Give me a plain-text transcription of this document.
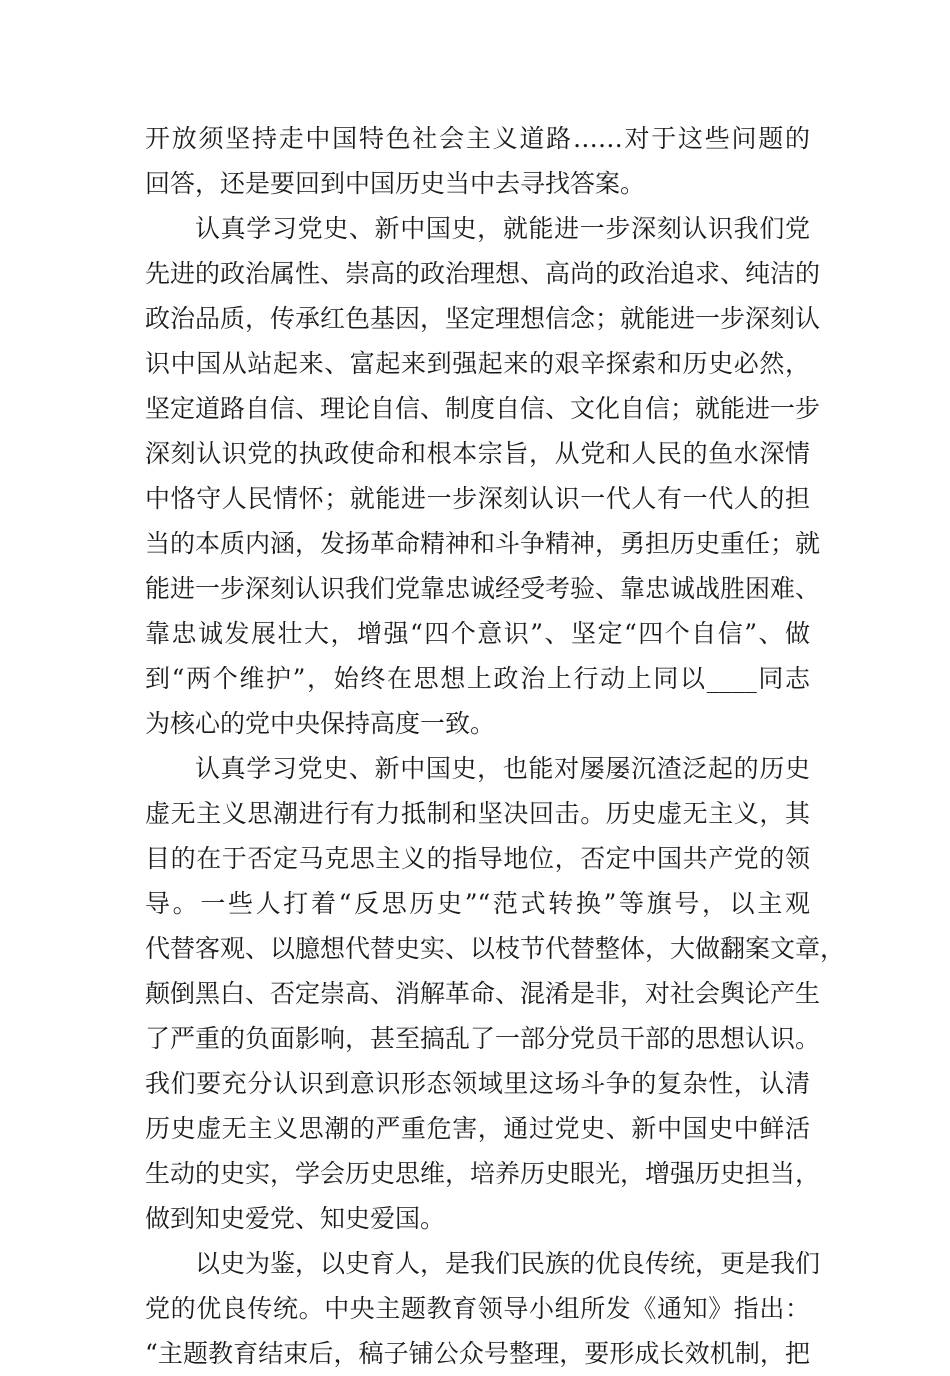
开放须坚持走中国特色社会主义道路……对于这些问题的
回答，还是要回到中国历史当中去寻找答案。
认真学习党史、新中国史，就能进一步深刻认识我们党
先进的政治属性、崇高的政治理想、高尚的政治追求、纯洁的
政治品质，传承红色基因，坚定理想信念；就能进一步深刻认
识中国从站起来、富起来到强起来的艰辛探索和历史必然，
坚定道路自信、理论自信、制度自信、文化自信；就能进一步
深刻认识党的执政使命和根本宗旨，从党和人民的鱼水深情
中恪守人民情怀；就能进一步深刻认识一代人有一代人的担
当的本质内涵，发扬革命精神和斗争精神，勇担历史重任；就
能进一步深刻认识我们党靠忠诚经受考验、靠忠诚战胜困难、
靠忠诚发展壮大，增强“四个意识”、坚定“四个自信”、做
到“两个维护”，始终在思想上政治上行动上同以____同志
为核心的党中央保持高度一致。
认真学习党史、新中国史，也能对屡屡沉渣泛起的历史
虚无主义思潮进行有力抵制和坚决回击。历史虚无主义，其
目的在于否定马克思主义的指导地位，否定中国共产党的领
导。一些人打着“反思历史”“范式转换”等旗号，以主观
代替客观、以臆想代替史实、以枝节代替整体，大做翻案文章，
颠倒黑白、否定崇高、消解革命、混淆是非，对社会舆论产生
了严重的负面影响，甚至搞乱了一部分党员干部的思想认识。
我们要充分认识到意识形态领域里这场斗争的复杂性，认清
历史虚无主义思潮的严重危害，通过党史、新中国史中鲜活
生动的史实，学会历史思维，培养历史眼光，增强历史担当，
做到知史爱党、知史爱国。
以史为鉴，以史育人，是我们民族的优良传统，更是我们
党的优良传统。中央主题教育领导小组所发《通知》指出：
“主题教育结束后，稿子铺公众号整理，要形成长效机制，把
